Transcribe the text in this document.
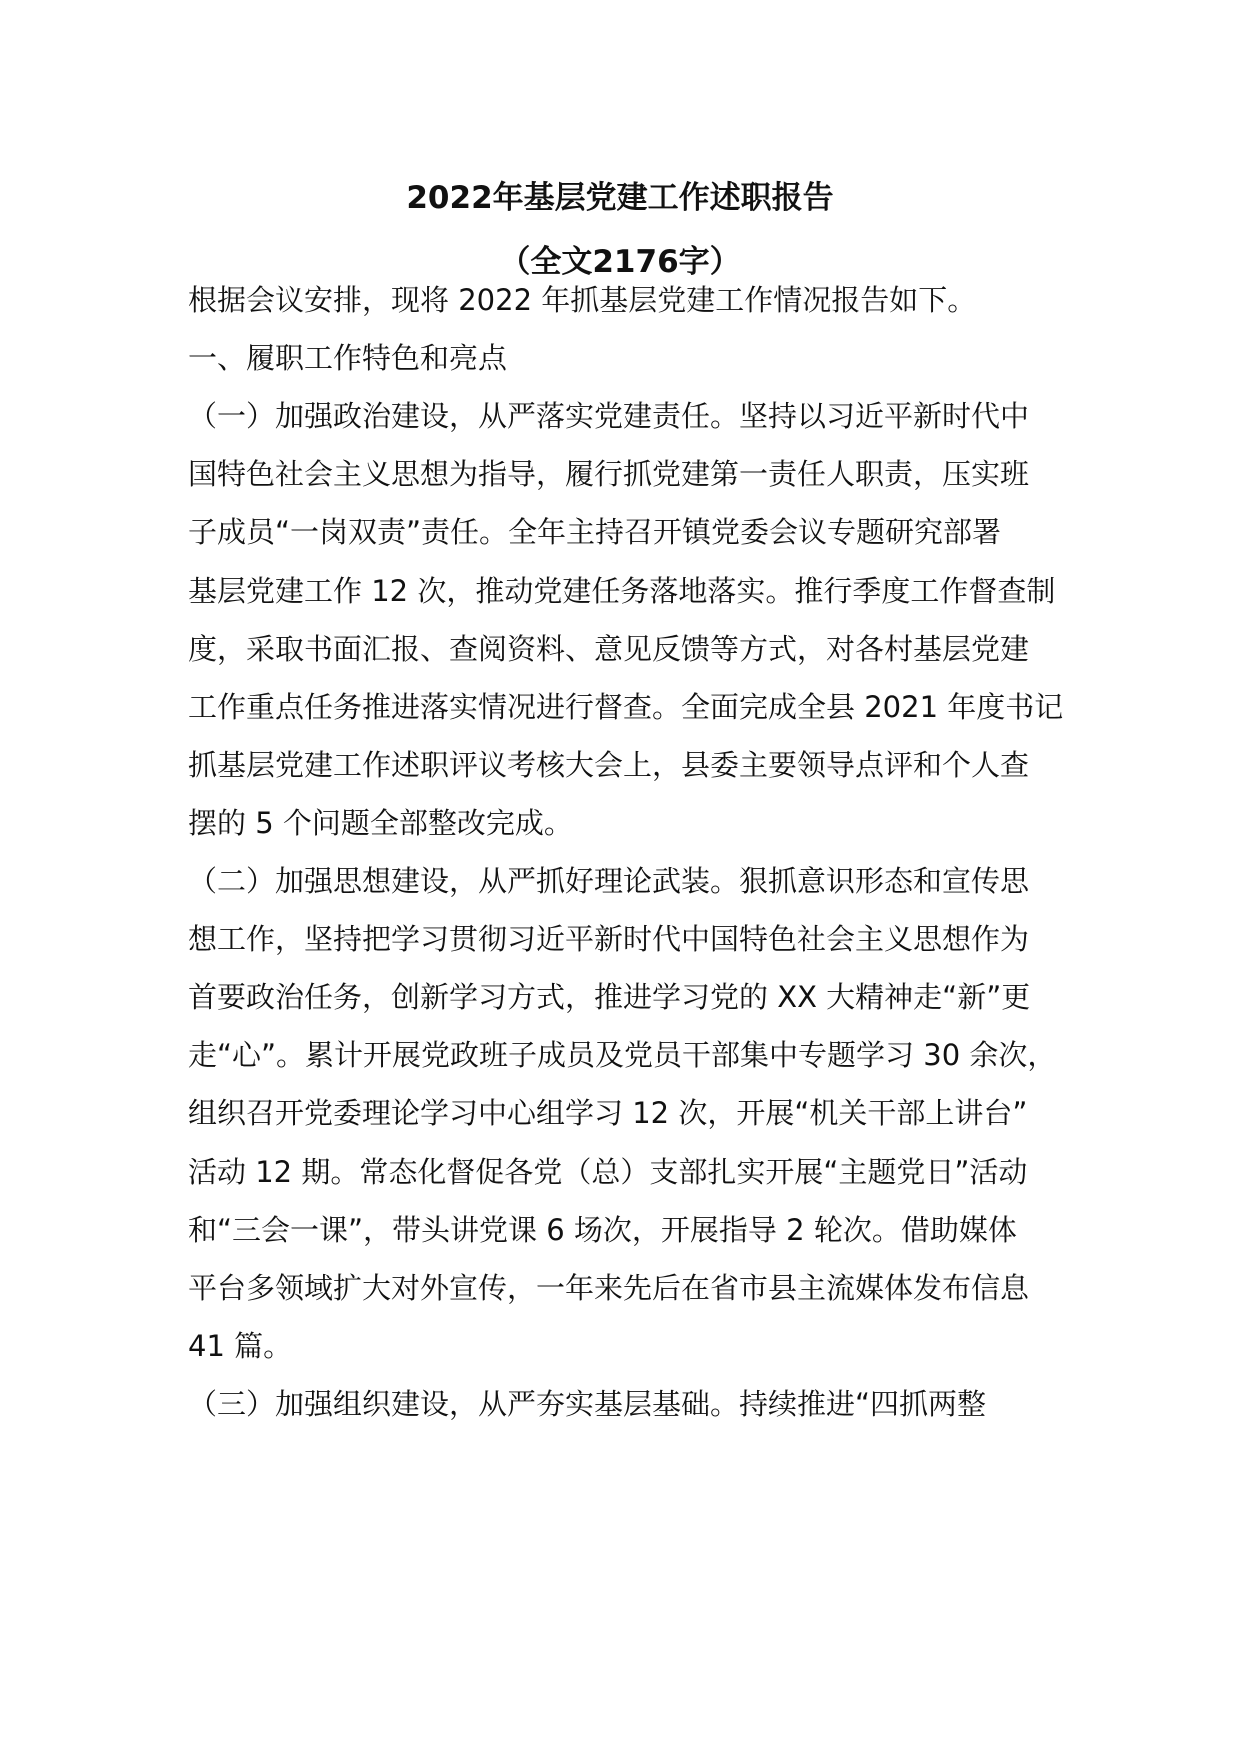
2022年基层党建工作述职报告
（全文2176字）

根据会议安排，现将 2022 年抓基层党建工作情况报告如下。

一、履职工作特色和亮点

（一）加强政治建设，从严落实党建责任。坚持以习近平新时代中

国特色社会主义思想为指导，履行抓党建第一责任人职责，压实班

子成员“一岗双责”责任。全年主持召开镇党委会议专题研究部署

基层党建工作 12 次，推动党建任务落地落实。推行季度工作督查制

度，采取书面汇报、查阅资料、意见反馈等方式，对各村基层党建

工作重点任务推进落实情况进行督查。全面完成全县 2021 年度书记

抓基层党建工作述职评议考核大会上，县委主要领导点评和个人查

摆的 5 个问题全部整改完成。

（二）加强思想建设，从严抓好理论武装。狠抓意识形态和宣传思

想工作，坚持把学习贯彻习近平新时代中国特色社会主义思想作为

首要政治任务，创新学习方式，推进学习党的 XX 大精神走“新”更

走“心”。累计开展党政班子成员及党员干部集中专题学习 30 余次，

组织召开党委理论学习中心组学习 12 次，开展“机关干部上讲台”

活动 12 期。常态化督促各党（总）支部扎实开展“主题党日”活动

和“三会一课”，带头讲党课 6 场次，开展指导 2 轮次。借助媒体

平台多领域扩大对外宣传，一年来先后在省市县主流媒体发布信息

41 篇。

（三）加强组织建设，从严夯实基层基础。持续推进“四抓两整
